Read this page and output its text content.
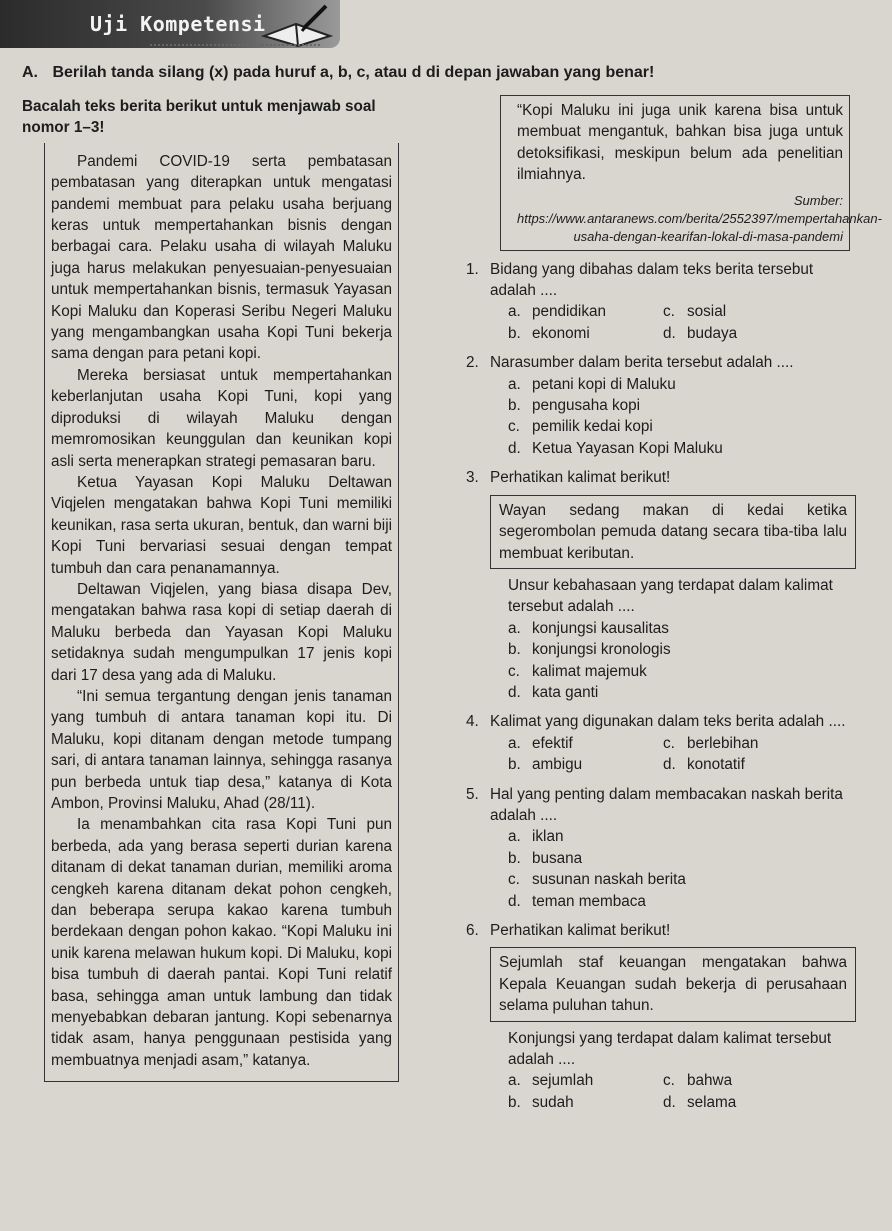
Uji Kompetensi
A. Berilah tanda silang (x) pada huruf a, b, c, atau d di depan jawaban yang benar!

Bacalah teks berita berikut untuk menjawab soal nomor 1–3!

Pandemi COVID-19 serta pembatasan pembatasan yang diterapkan untuk mengatasi pandemi membuat para pelaku usaha berjuang keras untuk mempertahankan bisnis dengan berbagai cara. Pelaku usaha di wilayah Maluku juga harus melakukan penyesuaian-penyesuaian untuk mempertahankan bisnis, termasuk Yayasan Kopi Maluku dan Koperasi Seribu Negeri Maluku yang mengambangkan usaha Kopi Tuni bekerja sama dengan para petani kopi.

Mereka bersiasat untuk mempertahankan keberlanjutan usaha Kopi Tuni, kopi yang diproduksi di wilayah Maluku dengan memromosikan keunggulan dan keunikan kopi asli serta menerapkan strategi pemasaran baru.

Ketua Yayasan Kopi Maluku Deltawan Viqjelen mengatakan bahwa Kopi Tuni memiliki keunikan, rasa serta ukuran, bentuk, dan warni biji Kopi Tuni bervariasi sesuai dengan tempat tumbuh dan cara penanamannya.

Deltawan Viqjelen, yang biasa disapa Dev, mengatakan bahwa rasa kopi di setiap daerah di Maluku berbeda dan Yayasan Kopi Maluku setidaknya sudah mengumpulkan 17 jenis kopi dari 17 desa yang ada di Maluku.

“Ini semua tergantung dengan jenis tanaman yang tumbuh di antara tanaman kopi itu. Di Maluku, kopi ditanam dengan metode tumpang sari, di antara tanaman lainnya, sehingga rasanya pun berbeda untuk tiap desa,” katanya di Kota Ambon, Provinsi Maluku, Ahad (28/11).

Ia menambahkan cita rasa Kopi Tuni pun berbeda, ada yang berasa seperti durian karena ditanam di dekat tanaman durian, memiliki aroma cengkeh karena ditanam dekat pohon cengkeh, dan beberapa serupa kakao karena tumbuh berdekaan dengan pohon kakao. “Kopi Maluku ini unik karena melawan hukum kopi. Di Maluku, kopi bisa tumbuh di daerah pantai. Kopi Tuni relatif basa, sehingga aman untuk lambung dan tidak menyebabkan debaran jantung. Kopi sebenarnya tidak asam, hanya penggunaan pestisida yang membuatnya menjadi asam,” katanya.

“Kopi Maluku ini juga unik karena bisa untuk membuat mengantuk, bahkan bisa juga untuk detoksifikasi, meskipun belum ada penelitian ilmiahnya.

Sumber: https://www.antaranews.com/berita/2552397/mempertahankan-usaha-dengan-kearifan-lokal-di-masa-pandemi
1. Bidang yang dibahas dalam teks berita tersebut adalah ....
a. pendidikan	c. sosial
b. ekonomi	d. budaya
2. Narasumber dalam berita tersebut adalah ....
a. petani kopi di Maluku
b. pengusaha kopi
c. pemilik kedai kopi
d. Ketua Yayasan Kopi Maluku
3. Perhatikan kalimat berikut!
Wayan sedang makan di kedai ketika segerombolan pemuda datang secara tiba-tiba lalu membuat keributan.
Unsur kebahasaan yang terdapat dalam kalimat tersebut adalah ....
a. konjungsi kausalitas
b. konjungsi kronologis
c. kalimat majemuk
d. kata ganti
4. Kalimat yang digunakan dalam teks berita adalah ....
a. efektif	c. berlebihan
b. ambigu	d. konotatif
5. Hal yang penting dalam membacakan naskah berita adalah ....
a. iklan
b. busana
c. susunan naskah berita
d. teman membaca
6. Perhatikan kalimat berikut!
Sejumlah staf keuangan mengatakan bahwa Kepala Keuangan sudah bekerja di perusahaan selama puluhan tahun.
Konjungsi yang terdapat dalam kalimat tersebut adalah ....
a. sejumlah	c. bahwa
b. sudah	d. selama
